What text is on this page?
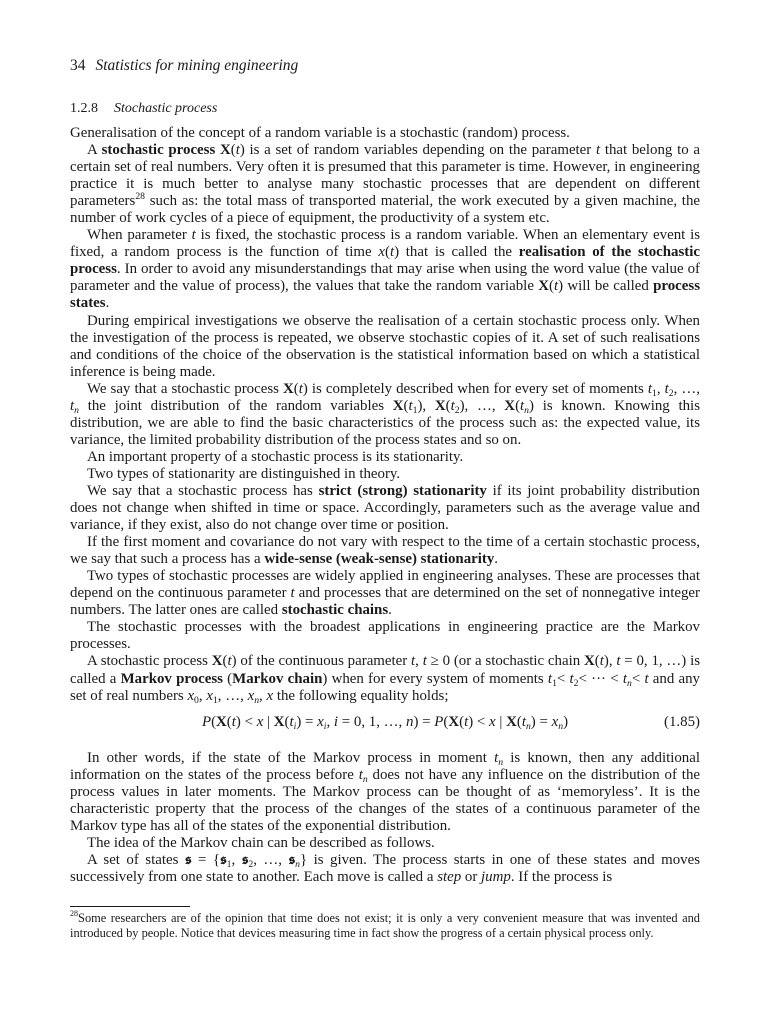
34 Statistics for mining engineering
1.2.8 Stochastic process

Generalisation of the concept of a random variable is a stochastic (random) process.

A stochastic process X(t) is a set of random variables depending on the parameter t that belong to a certain set of real numbers. Very often it is presumed that this parameter is time. However, in engineering practice it is much better to analyse many stochastic processes that are dependent on different parameters$^{28}$ such as: the total mass of transported material, the work executed by a given machine, the number of work cycles of a piece of equipment, the productivity of a system etc.

When parameter t is fixed, the stochastic process is a random variable. When an elementary event is fixed, a random process is the function of time x(t) that is called the realisation of the stochastic process. In order to avoid any misunderstandings that may arise when using the word value (the value of parameter and the value of process), the values that take the random variable X(t) will be called process states.

During empirical investigations we observe the realisation of a certain stochastic process only. When the investigation of the process is repeated, we observe stochastic copies of it. A set of such realisations and conditions of the choice of the observation is the statistical information based on which a statistical inference is being made.

We say that a stochastic process X(t) is completely described when for every set of moments $t_1$, $t_2$, …, $t_n$ the joint distribution of the random variables $X(t_1)$, $X(t_2)$, …, $X(t_n)$ is known. Knowing this distribution, we are able to find the basic characteristics of the process such as: the expected value, its variance, the limited probability distribution of the process states and so on.

An important property of a stochastic process is its stationarity.

Two types of stationarity are distinguished in theory.

We say that a stochastic process has strict (strong) stationarity if its joint probability distribution does not change when shifted in time or space. Accordingly, parameters such as the average value and variance, if they exist, also do not change over time or position.

If the first moment and covariance do not vary with respect to the time of a certain stochastic process, we say that such a process has a wide-sense (weak-sense) stationarity.

Two types of stochastic processes are widely applied in engineering analyses. These are processes that depend on the continuous parameter t and processes that are determined on the set of nonnegative integer numbers. The latter ones are called stochastic chains.

The stochastic processes with the broadest applications in engineering practice are the Markov processes.

A stochastic process X(t) of the continuous parameter t, t ≥ 0 (or a stochastic chain X(t), t = 0, 1, …) is called a Markov process (Markov chain) when for every system of moments $t_1< t_2<$ ··· < $t_n< t$ and any set of real numbers $x_0$, $x_1$, …, $x_n$, x the following equality holds;

P(X(t) < x | $X(t_i) = x_i$, i = 0, 1, …, n) = P(X(t) < x | $X(t_n) = x_n$)	(1.85)

In other words, if the state of the Markov process in moment $t_n$ is known, then any additional information on the states of the process before $t_n$ does not have any influence on the distribution of the process values in later moments. The Markov process can be thought of as ‘memoryless’. It is the characteristic property that the process of the changes of the states of a continuous parameter of the Markov type has all of the states of the exponential distribution.

The idea of the Markov chain can be described as follows.

A set of states 𝖘 = {𝖘$_1$, 𝖘$_2$, …, 𝖘$_n$} is given. The process starts in one of these states and moves successively from one state to another. Each move is called a step or jump. If the process is

$^{28}$Some researchers are of the opinion that time does not exist; it is only a very convenient measure that was invented and introduced by people. Notice that devices measuring time in fact show the progress of a certain physical process only.
